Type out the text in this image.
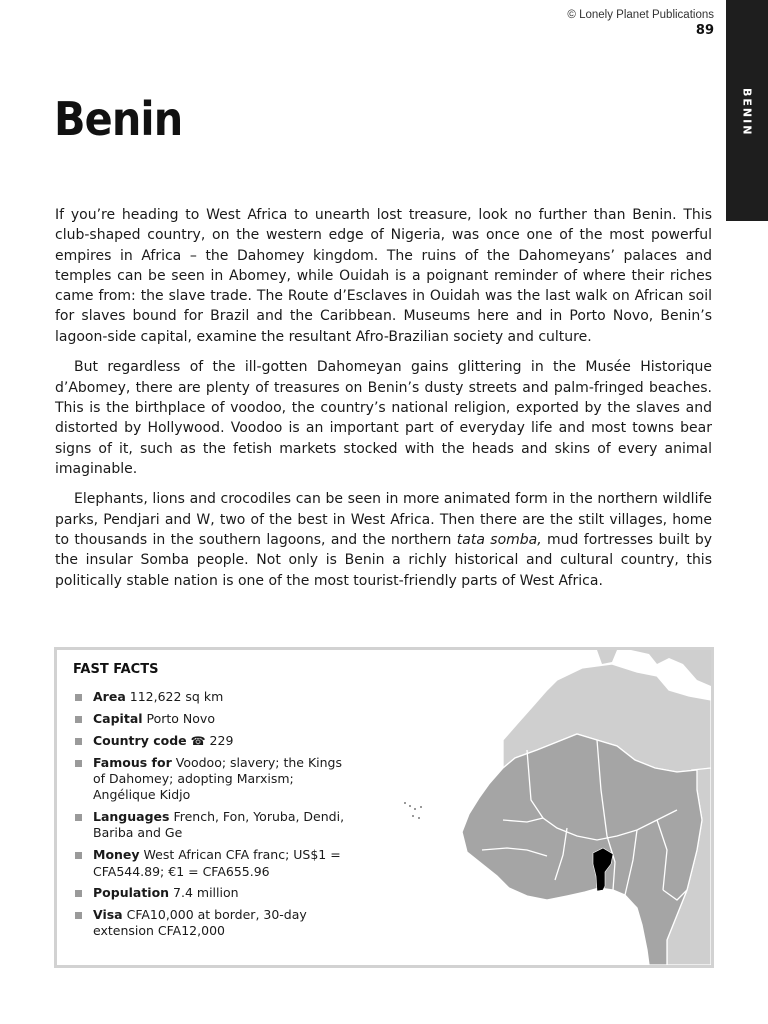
© Lonely Planet Publications
89
BENIN
Benin

If you’re heading to West Africa to unearth lost treasure, look no further than Benin. This club-shaped country, on the western edge of Nigeria, was once one of the most powerful empires in Africa – the Dahomey kingdom. The ruins of the Dahomeyans’ palaces and temples can be seen in Abomey, while Ouidah is a poignant reminder of where their riches came from: the slave trade. The Route d’Esclaves in Ouidah was the last walk on African soil for slaves bound for Brazil and the Caribbean. Museums here and in Porto Novo, Benin’s lagoon-side capital, examine the resultant Afro-Brazilian society and culture.

But regardless of the ill-gotten Dahomeyan gains glittering in the Musée Historique d’Abomey, there are plenty of treasures on Benin’s dusty streets and palm-fringed beaches. This is the birthplace of voodoo, the country’s national religion, exported by the slaves and distorted by Hollywood. Voodoo is an important part of everyday life and most towns bear signs of it, such as the fetish markets stocked with the heads and skins of every animal imaginable.

Elephants, lions and crocodiles can be seen in more animated form in the northern wildlife parks, Pendjari and W, two of the best in West Africa. Then there are the stilt villages, home to thousands in the southern lagoons, and the northern tata somba, mud fortresses built by the insular Somba people. Not only is Benin a richly historical and cultural country, this politically stable nation is one of the most tourist-friendly parts of West Africa.

FAST FACTS
Area 112,622 sq km
Capital Porto Novo
Country code ☎ 229
Famous for Voodoo; slavery; the Kings of Dahomey; adopting Marxism; Angélique Kidjo
Languages French, Fon, Yoruba, Dendi, Bariba and Ge
Money West African CFA franc; US$1 = CFA544.89; €1 = CFA655.96
Population 7.4 million
Visa CFA10,000 at border, 30-day extension CFA12,000
